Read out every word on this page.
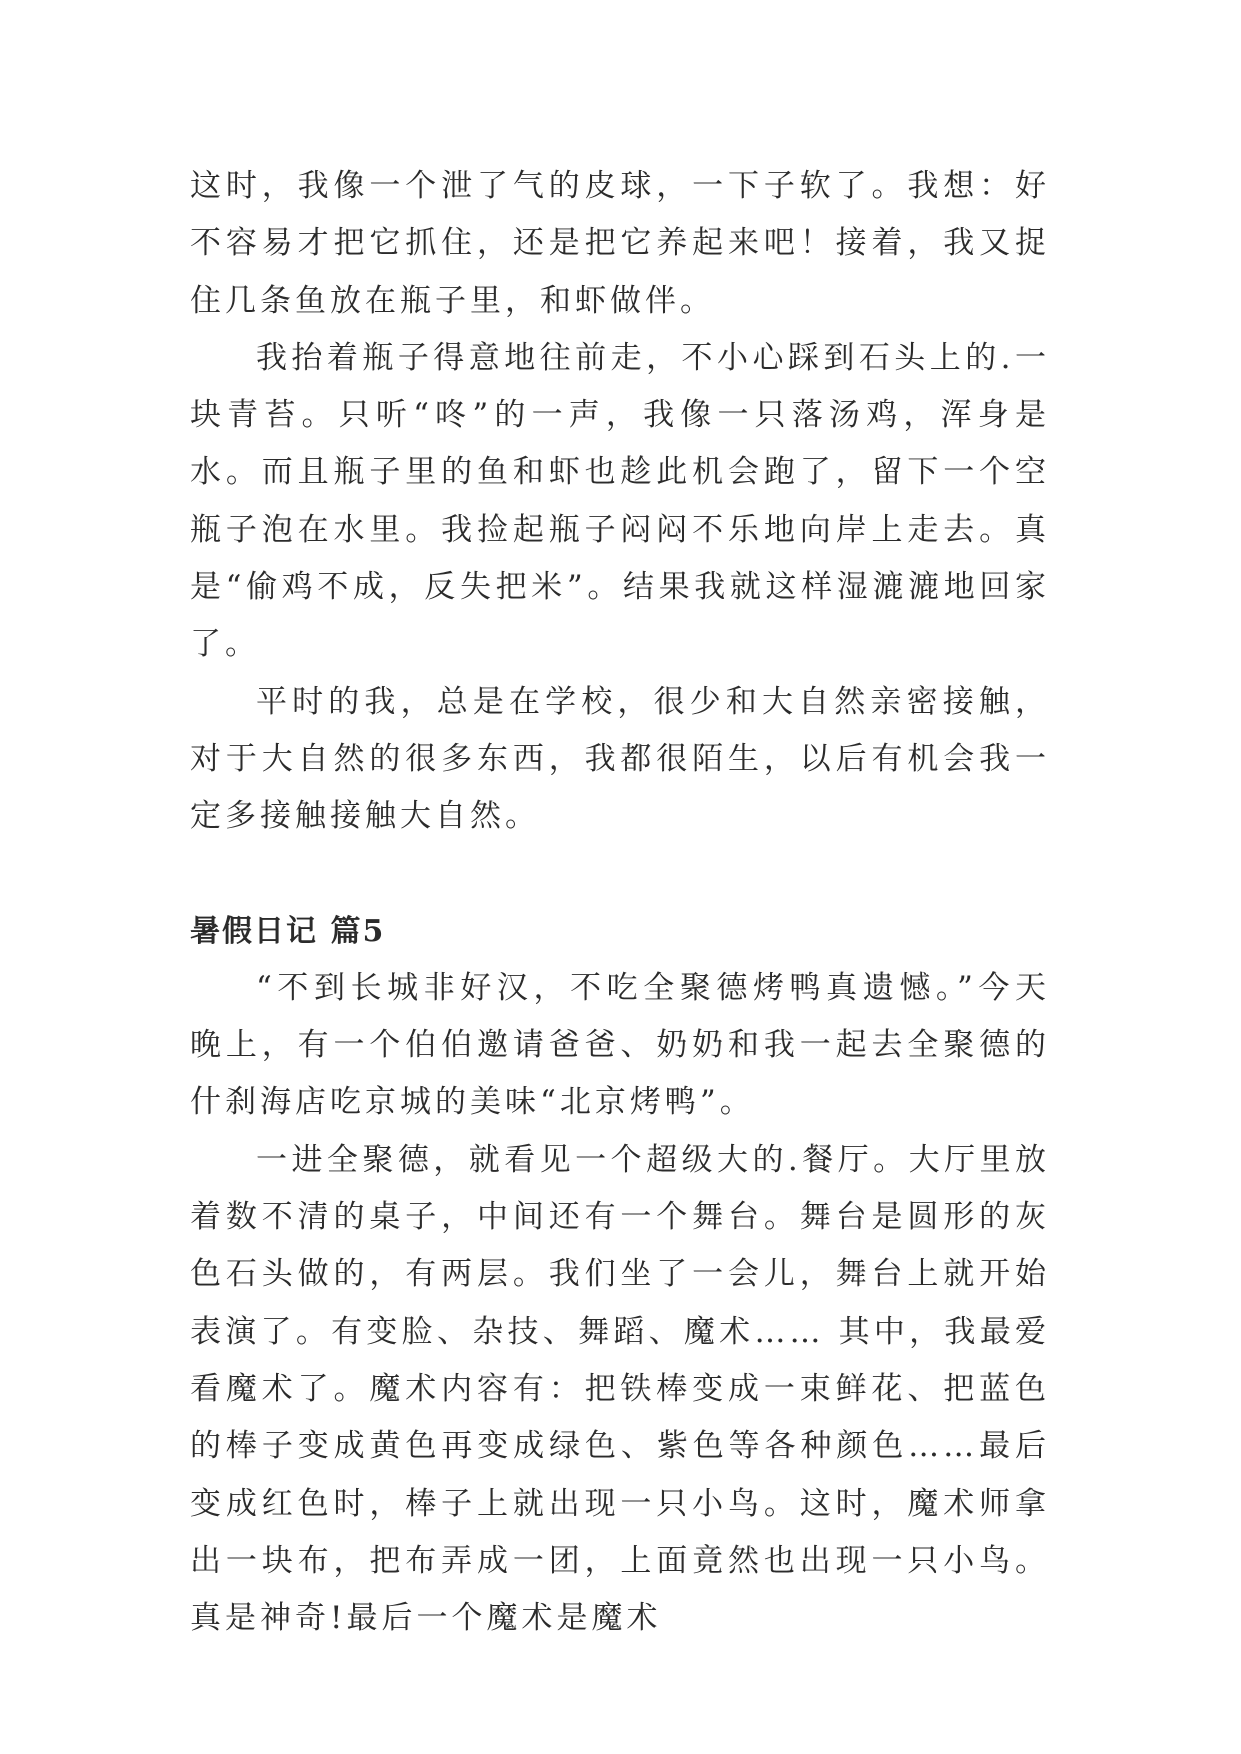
这时，我像一个泄了气的皮球，一下子软了。我想：好不容易才把它抓住，还是把它养起来吧！接着，我又捉住几条鱼放在瓶子里，和虾做伴。

我抬着瓶子得意地往前走，不小心踩到石头上的.一块青苔。只听“咚”的一声，我像一只落汤鸡，浑身是水。而且瓶子里的鱼和虾也趁此机会跑了，留下一个空瓶子泡在水里。我捡起瓶子闷闷不乐地向岸上走去。真是“偷鸡不成，反失把米”。结果我就这样湿漉漉地回家了。

平时的我，总是在学校，很少和大自然亲密接触，对于大自然的很多东西，我都很陌生，以后有机会我一定多接触接触大自然。

暑假日记 篇5

“不到长城非好汉，不吃全聚德烤鸭真遗憾。”今天晚上，有一个伯伯邀请爸爸、奶奶和我一起去全聚德的什刹海店吃京城的美味“北京烤鸭”。

一进全聚德，就看见一个超级大的.餐厅。大厅里放着数不清的桌子，中间还有一个舞台。舞台是圆形的灰色石头做的，有两层。我们坐了一会儿，舞台上就开始表演了。有变脸、杂技、舞蹈、魔术…… 其中，我最爱看魔术了。魔术内容有：把铁棒变成一束鲜花、把蓝色的棒子变成黄色再变成绿色、紫色等各种颜色……最后变成红色时，棒子上就出现一只小鸟。这时，魔术师拿出一块布，把布弄成一团，上面竟然也出现一只小鸟。真是神奇!最后一个魔术是魔术
